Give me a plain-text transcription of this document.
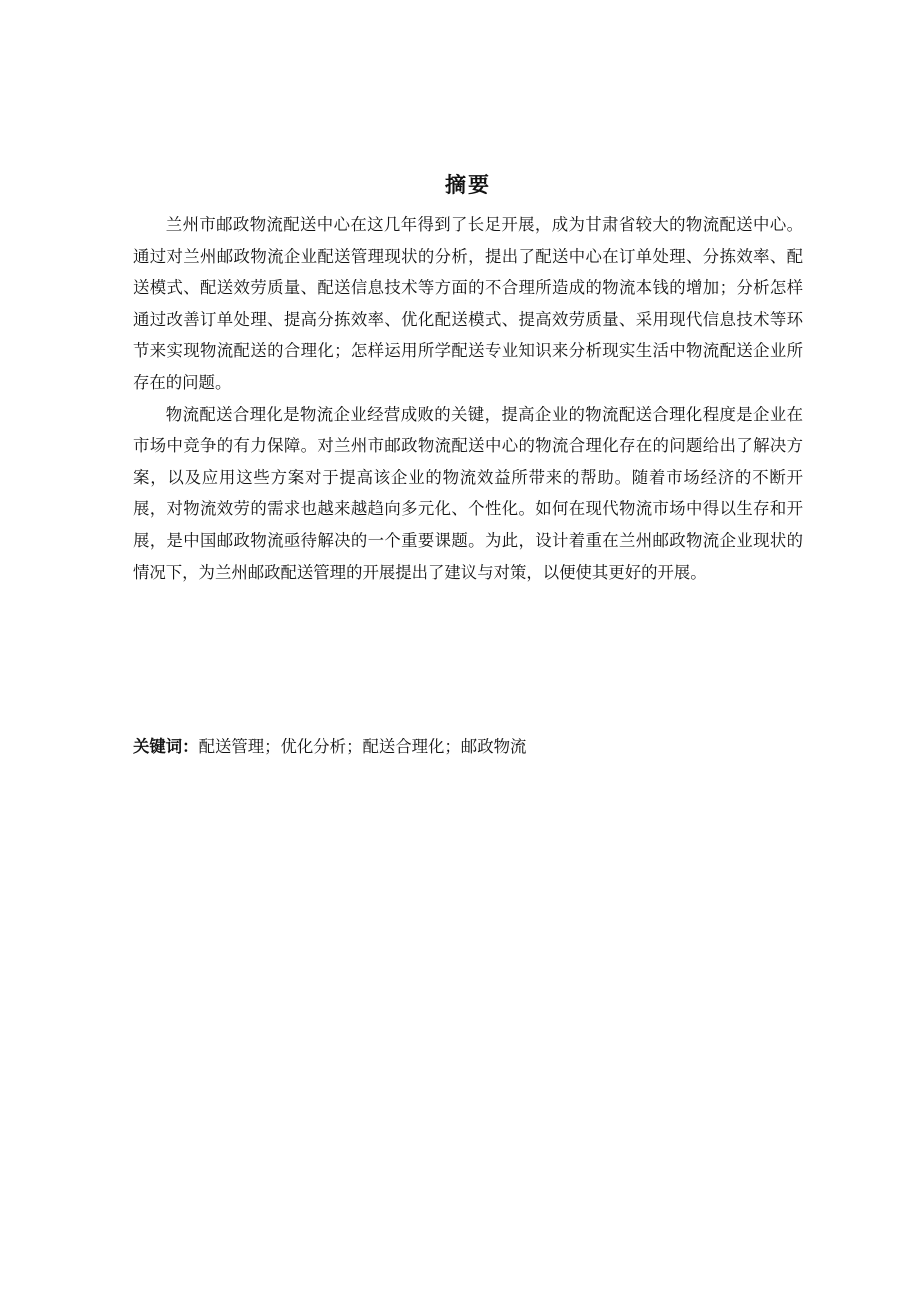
摘要

兰州市邮政物流配送中心在这几年得到了长足开展，成为甘肃省较大的物流配送中心。通过对兰州邮政物流企业配送管理现状的分析，提出了配送中心在订单处理、分拣效率、配送模式、配送效劳质量、配送信息技术等方面的不合理所造成的物流本钱的增加；分析怎样通过改善订单处理、提高分拣效率、优化配送模式、提高效劳质量、采用现代信息技术等环节来实现物流配送的合理化；怎样运用所学配送专业知识来分析现实生活中物流配送企业所存在的问题。

物流配送合理化是物流企业经营成败的关键，提高企业的物流配送合理化程度是企业在市场中竞争的有力保障。对兰州市邮政物流配送中心的物流合理化存在的问题给出了解决方案，以及应用这些方案对于提高该企业的物流效益所带来的帮助。随着市场经济的不断开展，对物流效劳的需求也越来越趋向多元化、个性化。如何在现代物流市场中得以生存和开展，是中国邮政物流亟待解决的一个重要课题。为此，设计着重在兰州邮政物流企业现状的情况下，为兰州邮政配送管理的开展提出了建议与对策，以便使其更好的开展。

关键词：配送管理；优化分析；配送合理化；邮政物流
